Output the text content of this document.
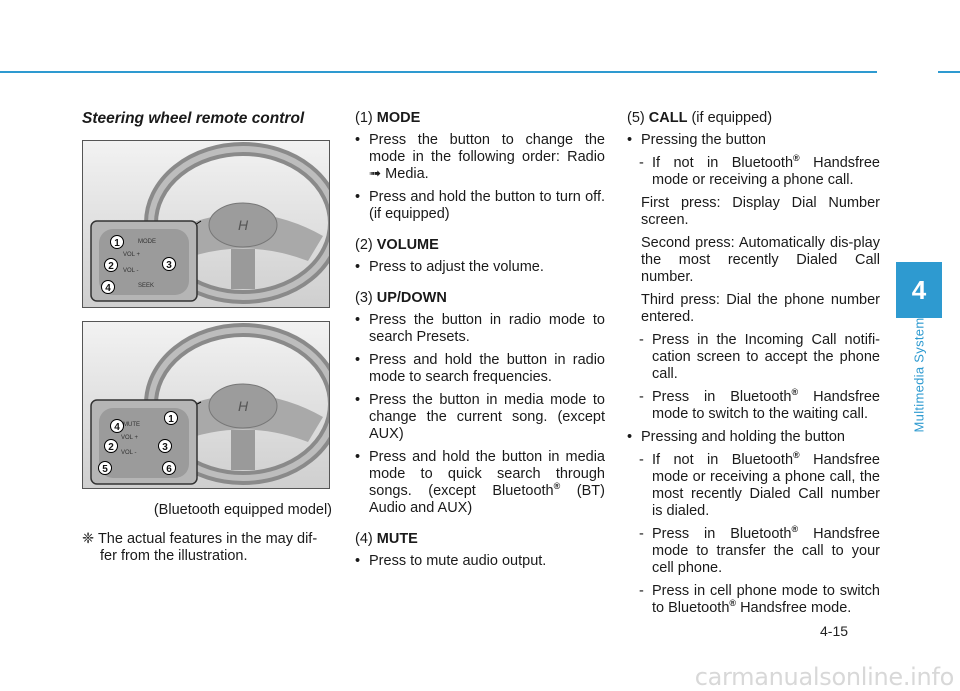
4
Multimedia System
4-15
carmanualsonline.info

Steering wheel remote control

H
MODE
VOL +
VOL -
SEEK
1
2	3
4
H
MUTE
VOL +
VOL -
1
2	3
4
5	6

(Bluetooth equipped model)

❈ The actual features in the may dif-fer from the illustration.

(1) MODE

• Press the button to change the mode in the following order: Radio ➟ Media.

• Press and hold the button to turn off. (if equipped)

(2) VOLUME

• Press to adjust the volume.

(3) UP/DOWN

• Press the button in radio mode to search Presets.

• Press and hold the button in radio mode to search frequencies.

• Press the button in media mode to change the current song. (except AUX)

• Press and hold the button in media mode to quick search through songs. (except Bluetooth® (BT) Audio and AUX)

(4) MUTE

• Press to mute audio output.

(5) CALL (if equipped)

• Pressing the button

- If not in Bluetooth® Handsfree mode or receiving a phone call.

First press: Display Dial Number screen.

Second press: Automatically dis-play the most recently Dialed Call number.

Third press: Dial the phone number entered.

- Press in the Incoming Call notifi-cation screen to accept the phone call.

- Press in Bluetooth® Handsfree mode to switch to the waiting call.

• Pressing and holding the button

- If not in Bluetooth® Handsfree mode or receiving a phone call, the most recently Dialed Call number is dialed.

- Press in Bluetooth® Handsfree mode to transfer the call to your cell phone.

- Press in cell phone mode to switch to Bluetooth® Handsfree mode.
